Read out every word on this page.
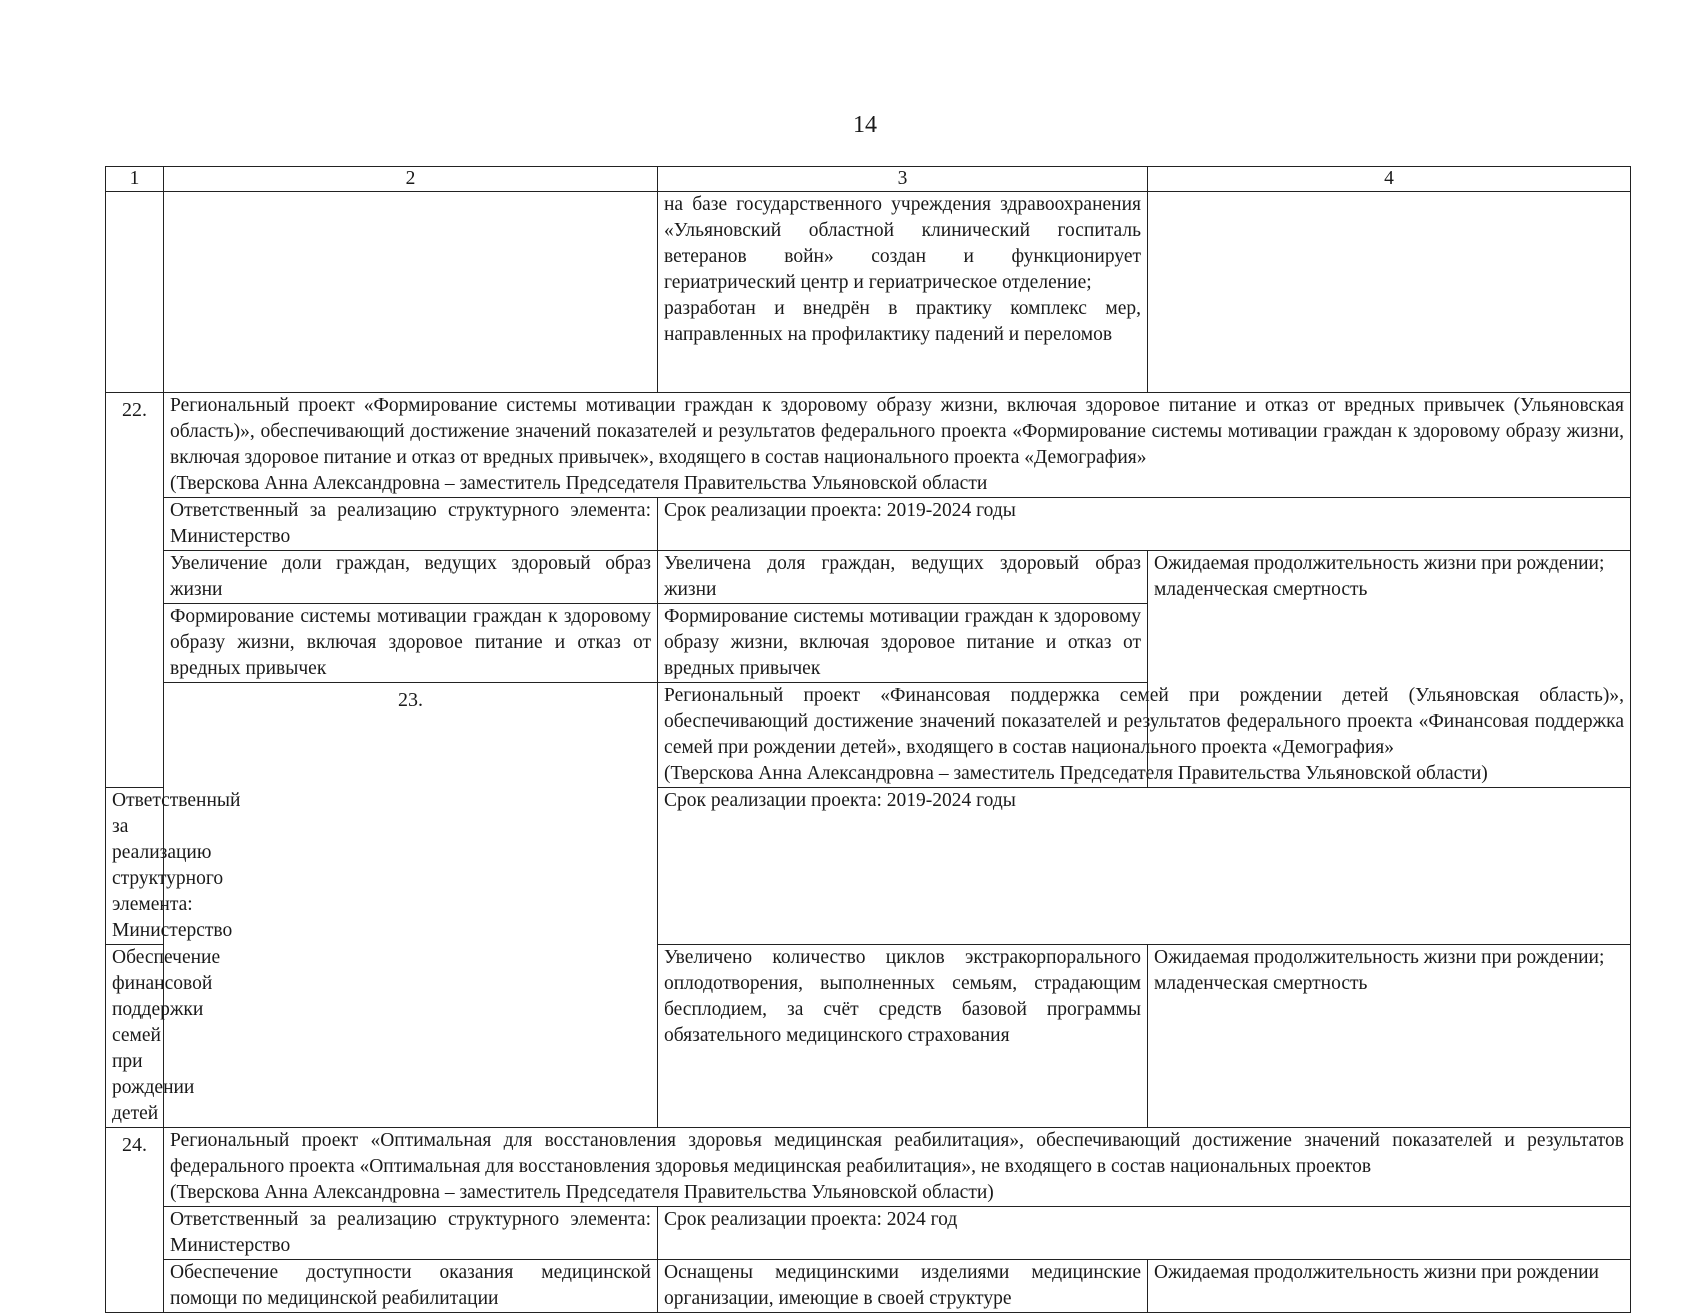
14
1	2	3	4
		на базе государственного учреждения здравоохранения «Ульяновский областной клинический госпиталь ветеранов войн» создан и функционирует гериатрический центр и гериатрическое отделение;
разработан и внедрён в практику комплекс мер, направленных на профилактику падений и переломов	
22.	Региональный проект «Формирование системы мотивации граждан к здоровому образу жизни, включая здоровое питание и отказ от вредных привычек (Ульяновская область)», обеспечивающий достижение значений показателей и результатов федерального проекта «Формирование системы мотивации граждан к здоровому образу жизни, включая здоровое питание и отказ от вредных привычек», входящего в состав национального проекта «Демография»
(Тверскова Анна Александровна – заместитель Председателя Правительства Ульяновской области		
	Ответственный за реализацию структурного элемента: Министерство	Срок реализации проекта: 2019-2024 годы	
	Увеличение доли граждан, ведущих здоровый образ жизни	Увеличена доля граждан, ведущих здоровый образ жизни	Ожидаемая продолжительность жизни при рождении;
младенческая смертность
	Формирование системы мотивации граждан к здоровому образу жизни, включая здоровое питание и отказ от вредных привычек	Формирование системы мотивации граждан к здоровому образу жизни, включая здоровое питание и отказ от вредных привычек	
	23.	Региональный проект «Финансовая поддержка семей при рождении детей (Ульяновская область)», обеспечивающий достижение значений показателей и результатов федерального проекта «Финансовая поддержка семей при рождении детей», входящего в состав национального проекта «Демография»
(Тверскова Анна Александровна – заместитель Председателя Правительства Ульяновской области)	
Ответственный за реализацию структурного элемента: Министерство		Срок реализации проекта: 2019-2024 годы	
Обеспечение финансовой поддержки семей при рождении детей		Увеличено количество циклов экстракорпорального оплодотворения, выполненных семьям, страдающим бесплодием, за счёт средств базовой программы обязательного медицинского страхования	Ожидаемая продолжительность жизни при рождении;
младенческая смертность
24.	Региональный проект «Оптимальная для восстановления здоровья медицинская реабилитация», обеспечивающий достижение значений показателей и результатов федерального проекта «Оптимальная для восстановления здоровья медицинская реабилитация», не входящего в состав национальных проектов
(Тверскова Анна Александровна – заместитель Председателя Правительства Ульяновской области)		
	Ответственный за реализацию структурного элемента: Министерство	Срок реализации проекта: 2024 год	
	Обеспечение доступности оказания медицинской помощи по медицинской реабилитации	Оснащены медицинскими изделиями медицинские организации, имеющие в своей структуре	Ожидаемая продолжительность жизни при рождении
